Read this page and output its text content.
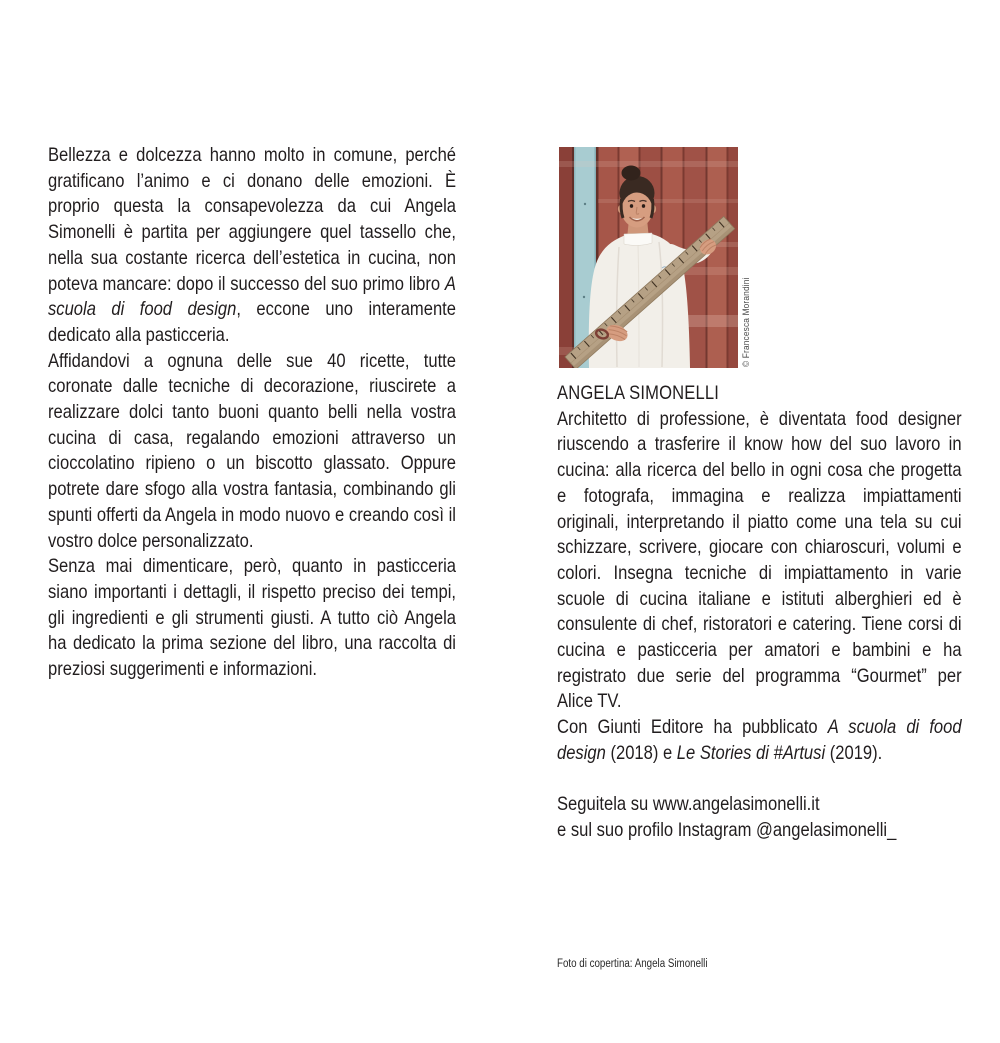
Bellezza e dolcezza hanno molto in comune, perché gratificano l’animo e ci donano delle emozioni. È proprio questa la consapevolezza da cui Angela Simonelli è partita per aggiungere quel tassello che, nella sua costante ricerca dell’estetica in cucina, non poteva mancare: dopo il successo del suo primo libro A scuola di food design, eccone uno interamente dedicato alla pasticceria.

Affidandovi a ognuna delle sue 40 ricette, tutte coronate dalle tecniche di decorazione, riuscirete a realizzare dolci tanto buoni quanto belli nella vostra cucina di casa, regalando emozioni attraverso un cioccolatino ripieno o un biscotto glassato. Oppure potrete dare sfogo alla vostra fantasia, combinando gli spunti offerti da Angela in modo nuovo e creando così il vostro dolce personalizzato.

Senza mai dimenticare, però, quanto in pasticceria siano importanti i dettagli, il rispetto preciso dei tempi, gli ingredienti e gli strumenti giusti. A tutto ciò Angela ha dedicato la prima sezione del libro, una raccolta di preziosi suggerimenti e informazioni.

© Francesca Morandini
ANGELA SIMONELLI

Architetto di professione, è diventata food designer riuscendo a trasferire il know how del suo lavoro in cucina: alla ricerca del bello in ogni cosa che progetta e fotografa, immagina e realizza impiattamenti originali, interpretando il piatto come una tela su cui schizzare, scrivere, giocare con chiaroscuri, volumi e colori. Insegna tecniche di impiattamento in varie scuole di cucina italiane e istituti alberghieri ed è consulente di chef, ristoratori e catering. Tiene corsi di cucina e pasticceria per amatori e bambini e ha registrato due serie del programma “Gourmet” per Alice TV.

Con Giunti Editore ha pubblicato A scuola di food design (2018) e Le Stories di #Artusi (2019).

Seguitela su www.angelasimonelli.it

e sul suo profilo Instagram @angelasimonelli_

Foto di copertina: Angela Simonelli
